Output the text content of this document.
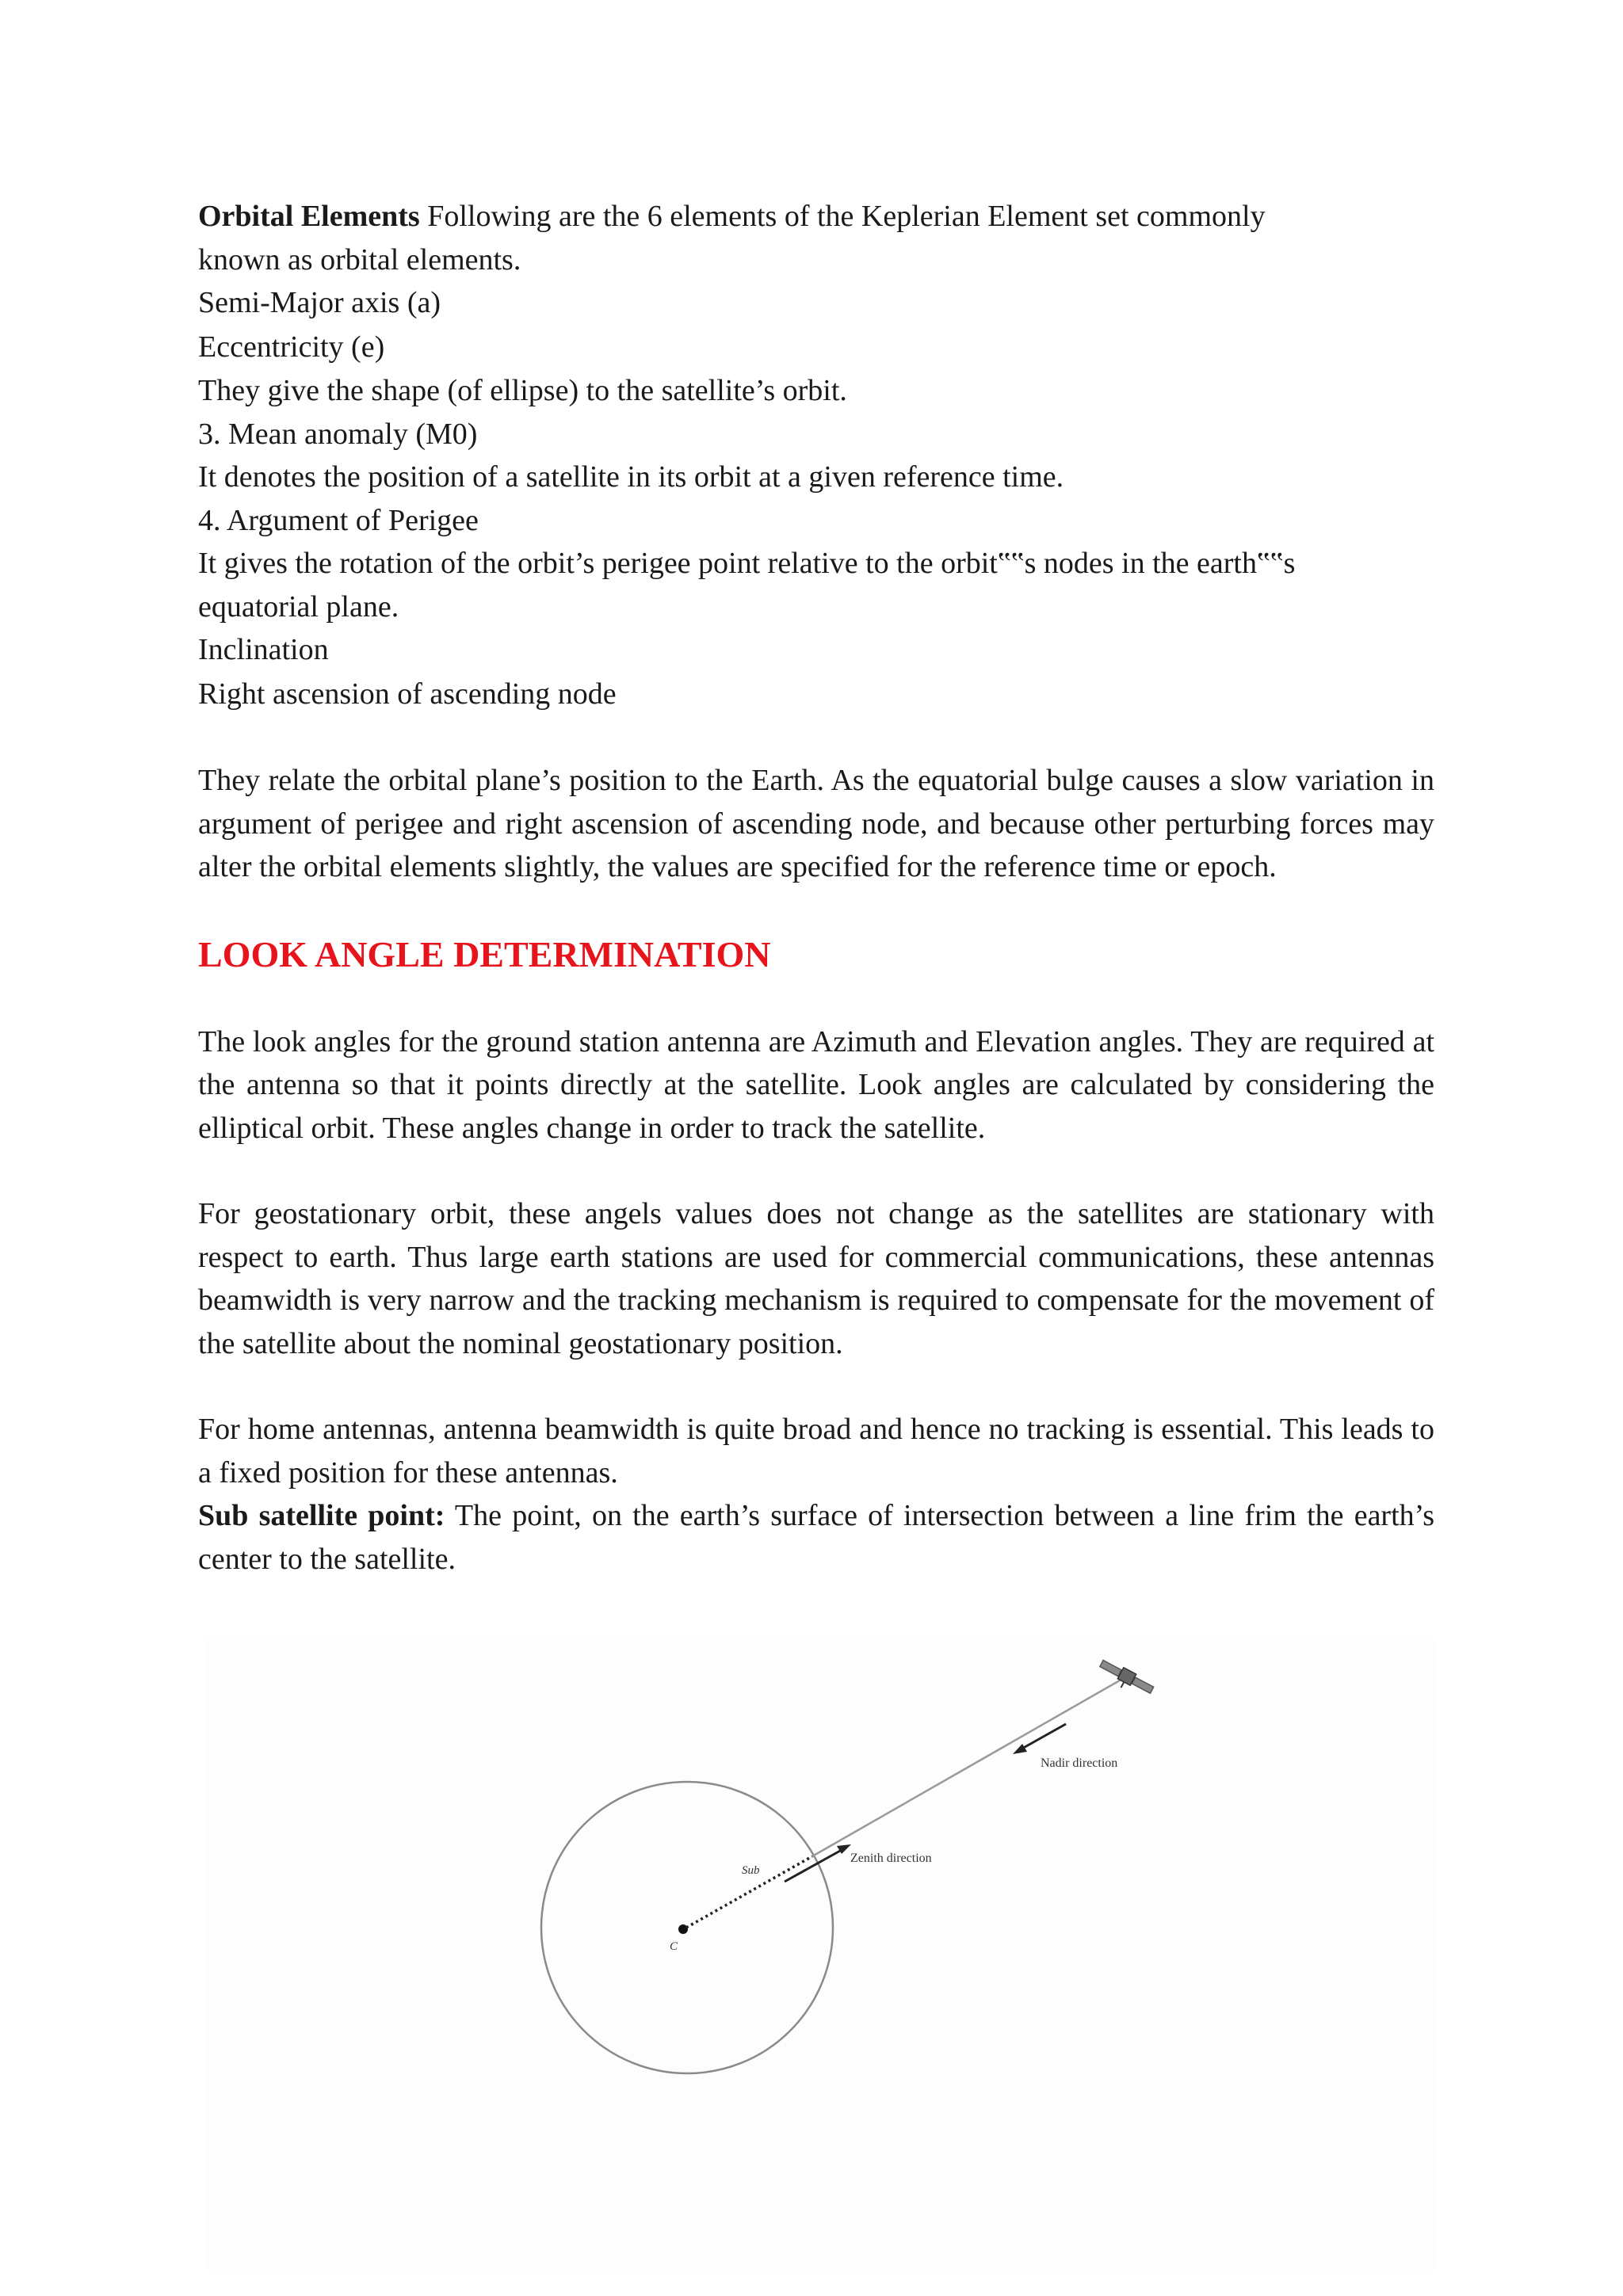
Orbital Elements Following are the 6 elements of the Keplerian Element set commonly

known as orbital elements.

Semi-Major axis (a)

Eccentricity (e)

They give the shape (of ellipse) to the satellite’s orbit.

3. Mean anomaly (M0)

It denotes the position of a satellite in its orbit at a given reference time.

4. Argument of Perigee

It gives the rotation of the orbit’s perigee point relative to the orbit‟‟s nodes in the earth‟‟s

equatorial plane.

Inclination

Right ascension of ascending node

They relate the orbital plane’s position to the Earth. As the equatorial bulge causes a slow variation in argument of perigee and right ascension of ascending node, and because other perturbing forces may alter the orbital elements slightly, the values are specified for the reference time or epoch.

LOOK ANGLE DETERMINATION

The look angles for the ground station antenna are Azimuth and Elevation angles. They are required at the antenna so that it points directly at the satellite. Look angles are calculated by considering the elliptical orbit. These angles change in order to track the satellite.

For geostationary orbit, these angels values does not change as the satellites are stationary with respect to earth. Thus large earth stations are used for commercial communications, these antennas beamwidth is very narrow and the tracking mechanism is required to compensate for the movement of the satellite about the nominal geostationary position.

For home antennas, antenna beamwidth is quite broad and hence no tracking is essential. This leads to a fixed position for these antennas.

Sub satellite point: The point, on the earth’s surface of intersection between a line frim the earth’s center to the satellite.

Nadir direction
Zenith direction
Sub
C
